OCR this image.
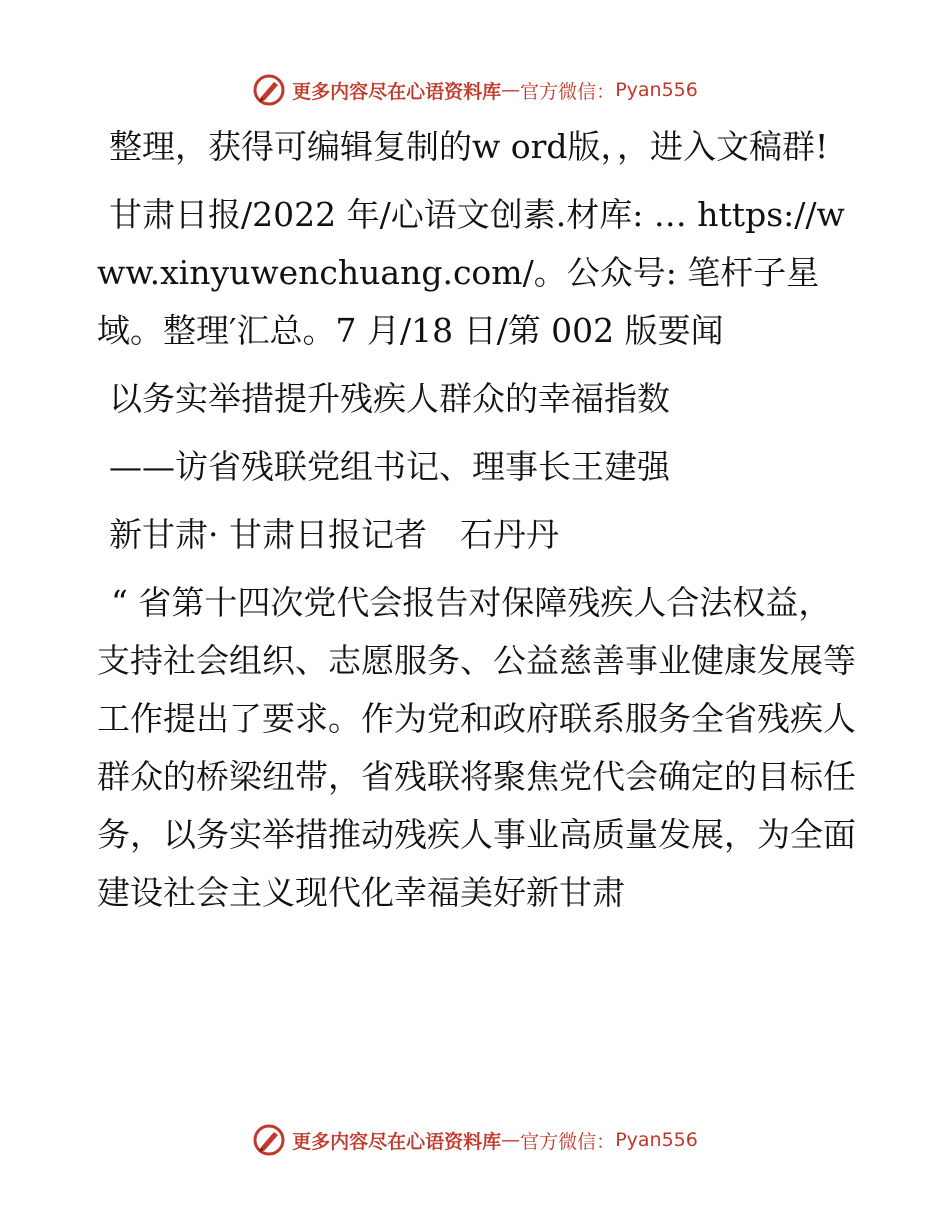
更多内容尽在心语资料库 — 官方微信： Pyan556

整理，获得可编辑复制的w ord版，，进入文稿群!

甘肃日报/2022 年/心语文创素.材库: … https://www.xinyuwenchuang.com/。公众号: 笔杆子星域。整理′汇总。7 月/18 日/第 002 版要闻

以务实举措提升残疾人群众的幸福指数

——访省残联党组书记、理事长王建强

新甘肃· 甘肃日报记者　石丹丹

“ 省第十四次党代会报告对保障残疾人合法权益，支持社会组织、志愿服务、公益慈善事业健康发展等工作提出了要求。作为党和政府联系服务全省残疾人群众的桥梁纽带，省残联将聚焦党代会确定的目标任务，以务实举措推动残疾人事业高质量发展，为全面建设社会主义现代化幸福美好新甘肃

更多内容尽在心语资料库 — 官方微信： Pyan556
